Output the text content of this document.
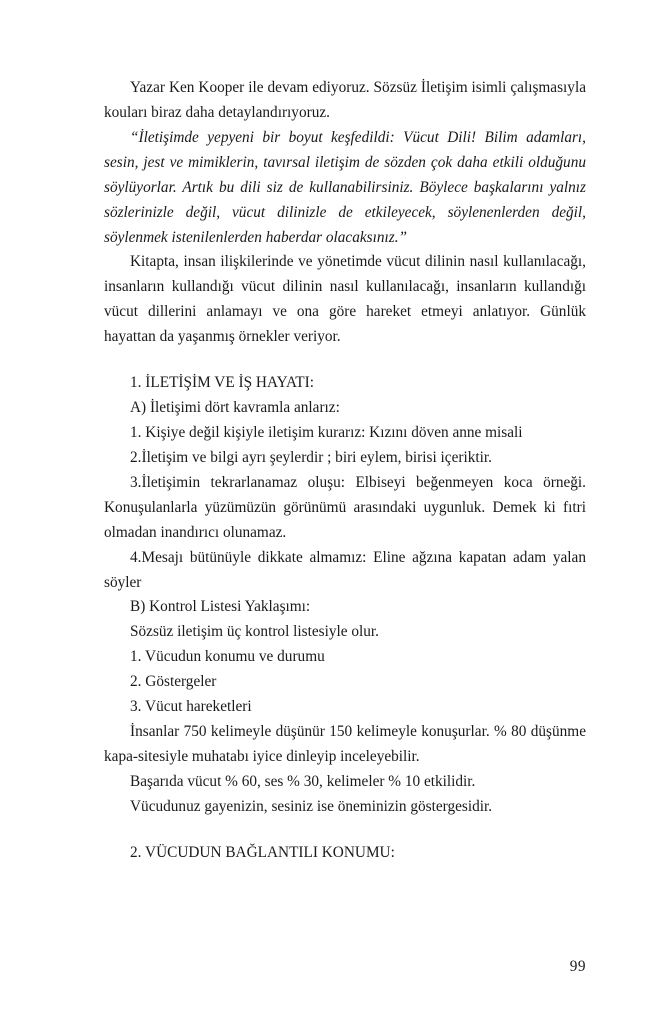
Yazar Ken Kooper ile devam ediyoruz. Sözsüz İletişim isimli çalışmasıyla kouları biraz daha detaylandırıyoruz.

“İletişimde yepyeni bir boyut keşfedildi: Vücut Dili! Bilim adamları, sesin, jest ve mimiklerin, tavırsal iletişim de sözden çok daha etkili olduğunu söylüyorlar. Artık bu dili siz de kullanabilirsiniz. Böylece başkalarını yalnız sözlerinizle değil, vücut dilinizle de etkileyecek, söylenenlerden değil, söylenmek istenilenlerden haberdar olacaksınız.”

Kitapta, insan ilişkilerinde ve yönetimde vücut dilinin nasıl kullanılacağı, insanların kullandığı vücut dilinin nasıl kullanılacağı, insanların kullandığı vücut dillerini anlamayı ve ona göre hareket etmeyi anlatıyor. Günlük hayattan da yaşanmış örnekler veriyor.

1. İLETİŞİM VE İŞ HAYATI:

A) İletişimi dört kavramla anlarız:

1. Kişiye değil kişiyle iletişim kurarız: Kızını döven anne misali

2.İletişim ve bilgi ayrı şeylerdir ; biri eylem, birisi içeriktir.

3.İletişimin tekrarlanamaz oluşu: Elbiseyi beğenmeyen koca örneği. Konuşulanlarla yüzümüzün görünümü arasındaki uygunluk. Demek ki fıtri olmadan inandırıcı olunamaz.

4.Mesajı bütünüyle dikkate almamız: Eline ağzına kapatan adam yalan söyler

B) Kontrol Listesi Yaklaşımı:

Sözsüz iletişim üç kontrol listesiyle olur.

1. Vücudun konumu ve durumu

2. Göstergeler

3. Vücut hareketleri

İnsanlar 750 kelimeyle düşünür 150 kelimeyle konuşurlar. % 80 düşünme kapa-sitesiyle muhatabı iyice dinleyip inceleyebilir.

Başarıda vücut % 60, ses % 30, kelimeler % 10 etkilidir.

Vücudunuz gayenizin, sesiniz ise öneminizin göstergesidir.

2. VÜCUDUN BAĞLANTILI KONUMU:

99
